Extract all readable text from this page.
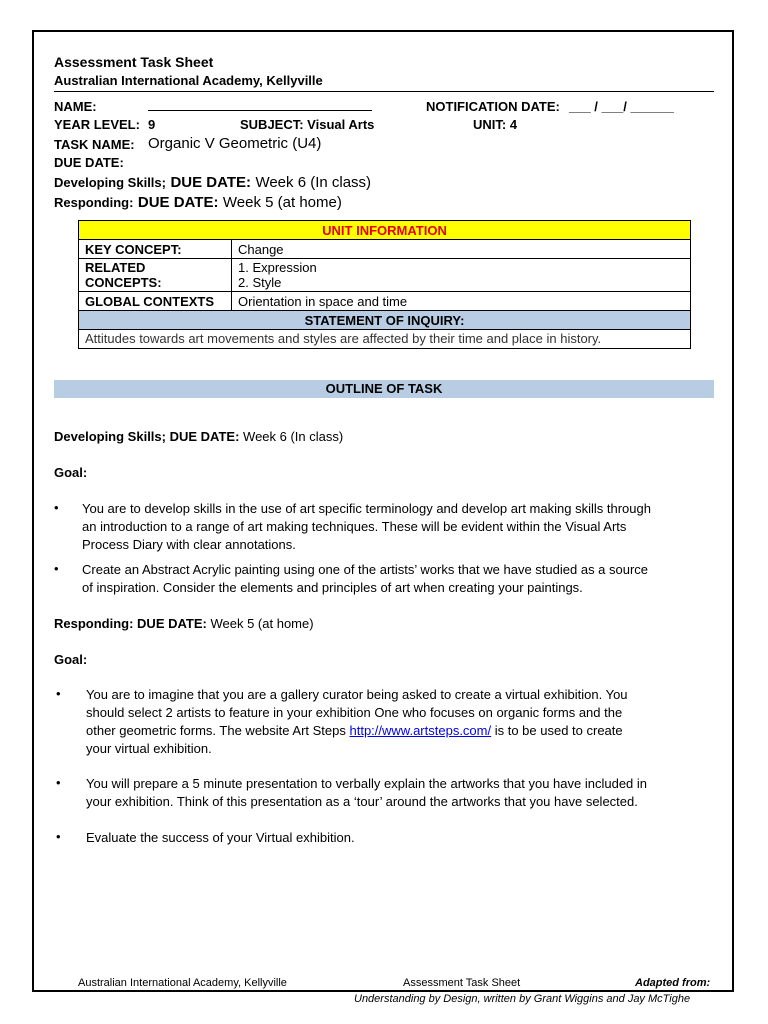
Assessment Task Sheet
Australian International Academy, Kellyville
NAME:	NOTIFICATION DATE: ___ / ___/ ______
YEAR LEVEL: 9	SUBJECT: Visual Arts	UNIT: 4
TASK NAME: Organic V Geometric (U4)
DUE DATE:
Developing Skills; DUE DATE: Week 6 (In class)
Responding: DUE DATE: Week 5 (at home)
UNIT INFORMATION	
KEY CONCEPT:	Change
RELATED CONCEPTS:	1. Expression
2. Style

GLOBAL CONTEXTS	Orientation in space and time
STATEMENT OF INQUIRY:	
Attitudes towards art movements and styles are affected by their time and place in history.	
OUTLINE OF TASK
Developing Skills; DUE DATE: Week 6 (In class)
Goal:
• You are to develop skills in the use of art specific terminology and develop art making skills through
an introduction to a range of art making techniques. These will be evident within the Visual Arts
Process Diary with clear annotations.
• Create an Abstract Acrylic painting using one of the artists’ works that we have studied as a source
of inspiration. Consider the elements and principles of art when creating your paintings.
Responding: DUE DATE: Week 5 (at home)
Goal:
• You are to imagine that you are a gallery curator being asked to create a virtual exhibition. You
should select 2 artists to feature in your exhibition One who focuses on organic forms and the
other geometric forms. The website Art Steps http://www.artsteps.com/ is to be used to create
your virtual exhibition.
• You will prepare a 5 minute presentation to verbally explain the artworks that you have included in
your exhibition. Think of this presentation as a ‘tour’ around the artworks that you have selected.
• Evaluate the success of your Virtual exhibition.
Australian International Academy, Kellyville	Assessment Task Sheet	Adapted from:
Understanding by Design, written by Grant Wiggins and Jay McTighe
